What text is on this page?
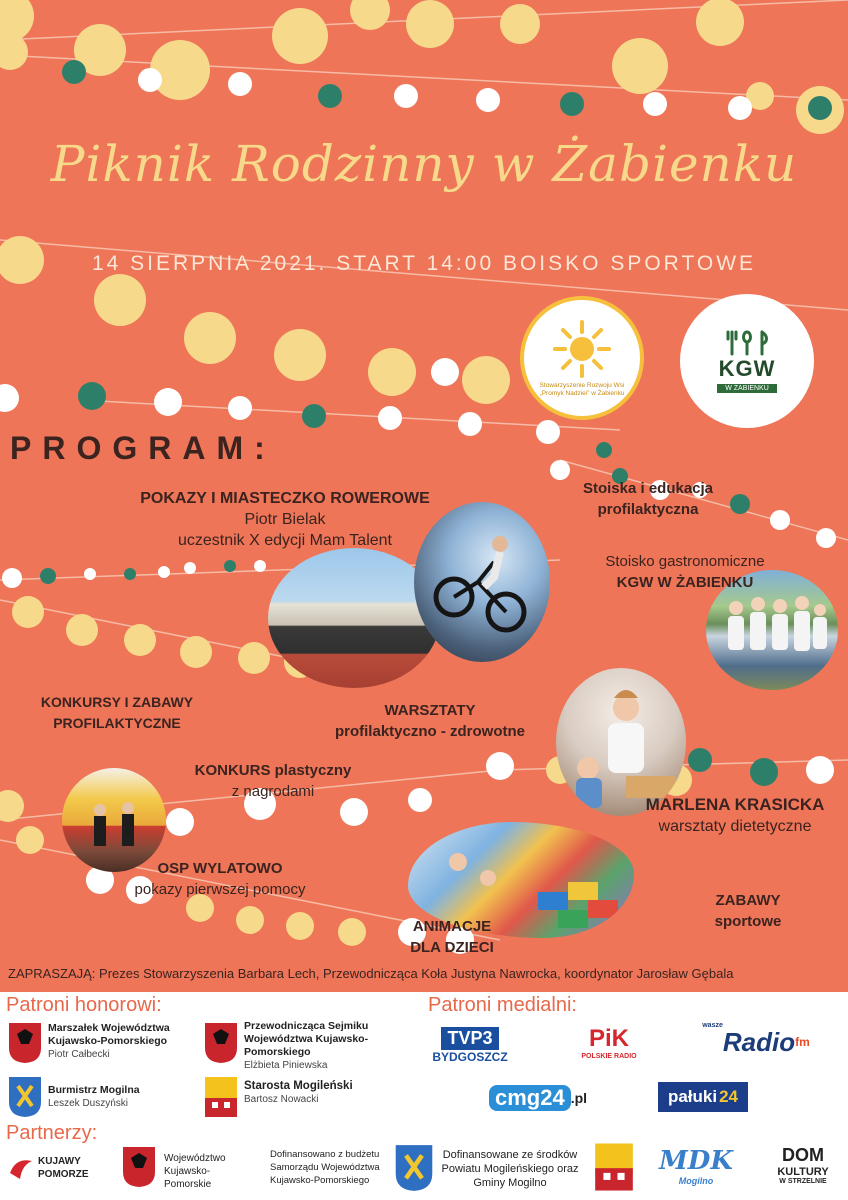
Piknik Rodzinny w Żabienku
14 SIERPNIA 2021. START 14:00 BOISKO SPORTOWE
Stowarzyszenie Rozwoju Wsi „Promyk Nadziei” w Żabienku
KGW
W ŻABIENKU
PROGRAM:
POKAZY I MIASTECZKO ROWEROWE
Piotr Bielak
uczestnik X edycji Mam Talent
Stoiska i edukacja
profilaktyczna
Stoisko gastronomiczne
KGW W ŻABIENKU
KONKURSY I ZABAWY
PROFILAKTYCZNE
WARSZTATY
profilaktyczno - zdrowotne
KONKURS plastyczny
z nagrodami
MARLENA KRASICKA
warsztaty dietetyczne
OSP WYLATOWO
pokazy pierwszej pomocy
ANIMACJE
DLA DZIECI
ZABAWY
sportowe
ZAPRASZAJĄ: Prezes Stowarzyszenia Barbara Lech, Przewodnicząca Koła Justyna Nawrocka, koordynator Jarosław Gębala
Patroni honorowi:	Patroni medialni:
Marszałek Województwa Kujawsko-Pomorskiego
Piotr Całbecki
Przewodnicząca Sejmiku Województwa Kujawsko-Pomorskiego
Elżbieta Piniewska
Burmistrz Mogilna
Leszek Duszyński
Starosta Mogileński
Bartosz Nowacki
TVP3
BYDGOSZCZ
PiK
POLSKIE RADIO
wasze
Radio fm
cmg24 .pl	pałuki 24
Partnerzy:
KUJAWY POMORZE
Województwo Kujawsko-Pomorskie
Dofinansowano z budżetu Samorządu Województwa Kujawsko-Pomorskiego
Dofinansowane ze środków Powiatu Mogileńskiego oraz Gminy Mogilno
MDK
Mogilno
DOM
KULTURY
W STRZELNIE
